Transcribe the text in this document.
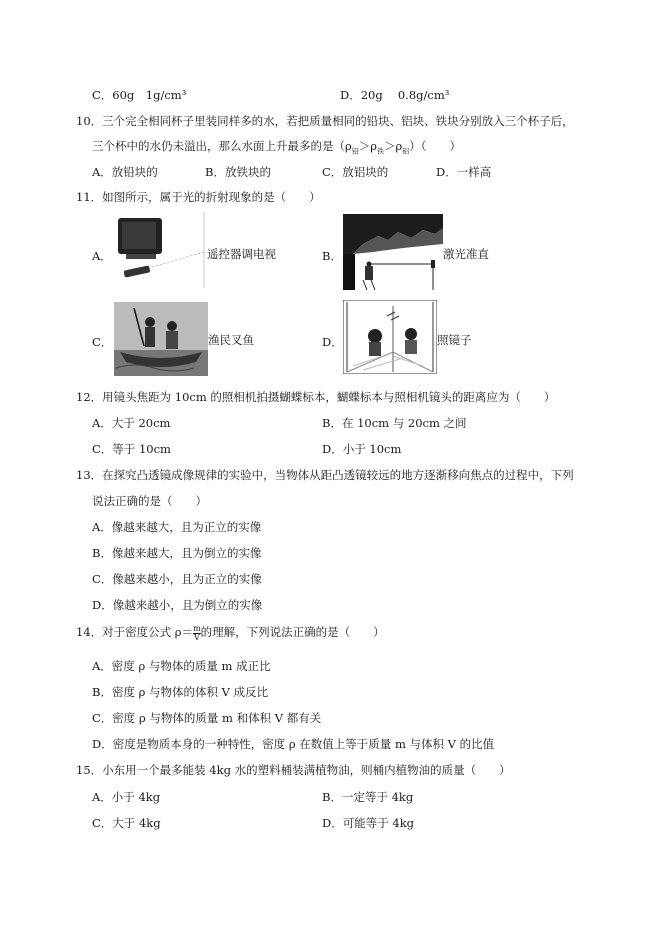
C．60g　1g/cm³	D．20g　 0.8g/cm³
10．三个完全相同杯子里装同样多的水，若把质量相同的铅块、铝块、铁块分别放入三个杯子后，
三个杯中的水仍未溢出，那么水面上升最多的是$(\rho_铅>\rho_铁>\rho_铝)$（　　）
A．放铅块的	B．放铁块的	C．放铝块的	D．一样高
11．如图所示，属于光的折射现象的是（　　）
A．	遥控器调电视	B．	激光准直
C．	渔民叉鱼	D．	照镜子
12．用镜头焦距为 10cm 的照相机拍摄蝴蝶标本，蝴蝶标本与照相机镜头的距离应为（　　）
A．大于 20cm	B．在 10cm 与 20cm 之间
C．等于 10cm	D．小于 10cm
13．在探究凸透镜成像规律的实验中，当物体从距凸透镜较远的地方逐渐移向焦点的过程中，下列
说法正确的是（　　）
A．像越来越大，且为正立的实像
B．像越来越大，且为倒立的实像
C．像越来越小，且为正立的实像
D．像越来越小，且为倒立的实像
14．对于密度公式 $\rho= \frac{m}{V}$ 的理解，下列说法正确的是（　　）
A．密度 ρ 与物体的质量 m 成正比
B．密度 ρ 与物体的体积 V 成反比
C．密度 ρ 与物体的质量 m 和体积 V 都有关
D．密度是物质本身的一种特性，密度 ρ 在数值上等于质量 m 与体积 V 的比值
15．小东用一个最多能装 4kg 水的塑料桶装满植物油，则桶内植物油的质量（　　）
A．小于 4kg	B．一定等于 4kg
C．大于 4kg	D．可能等于 4kg
